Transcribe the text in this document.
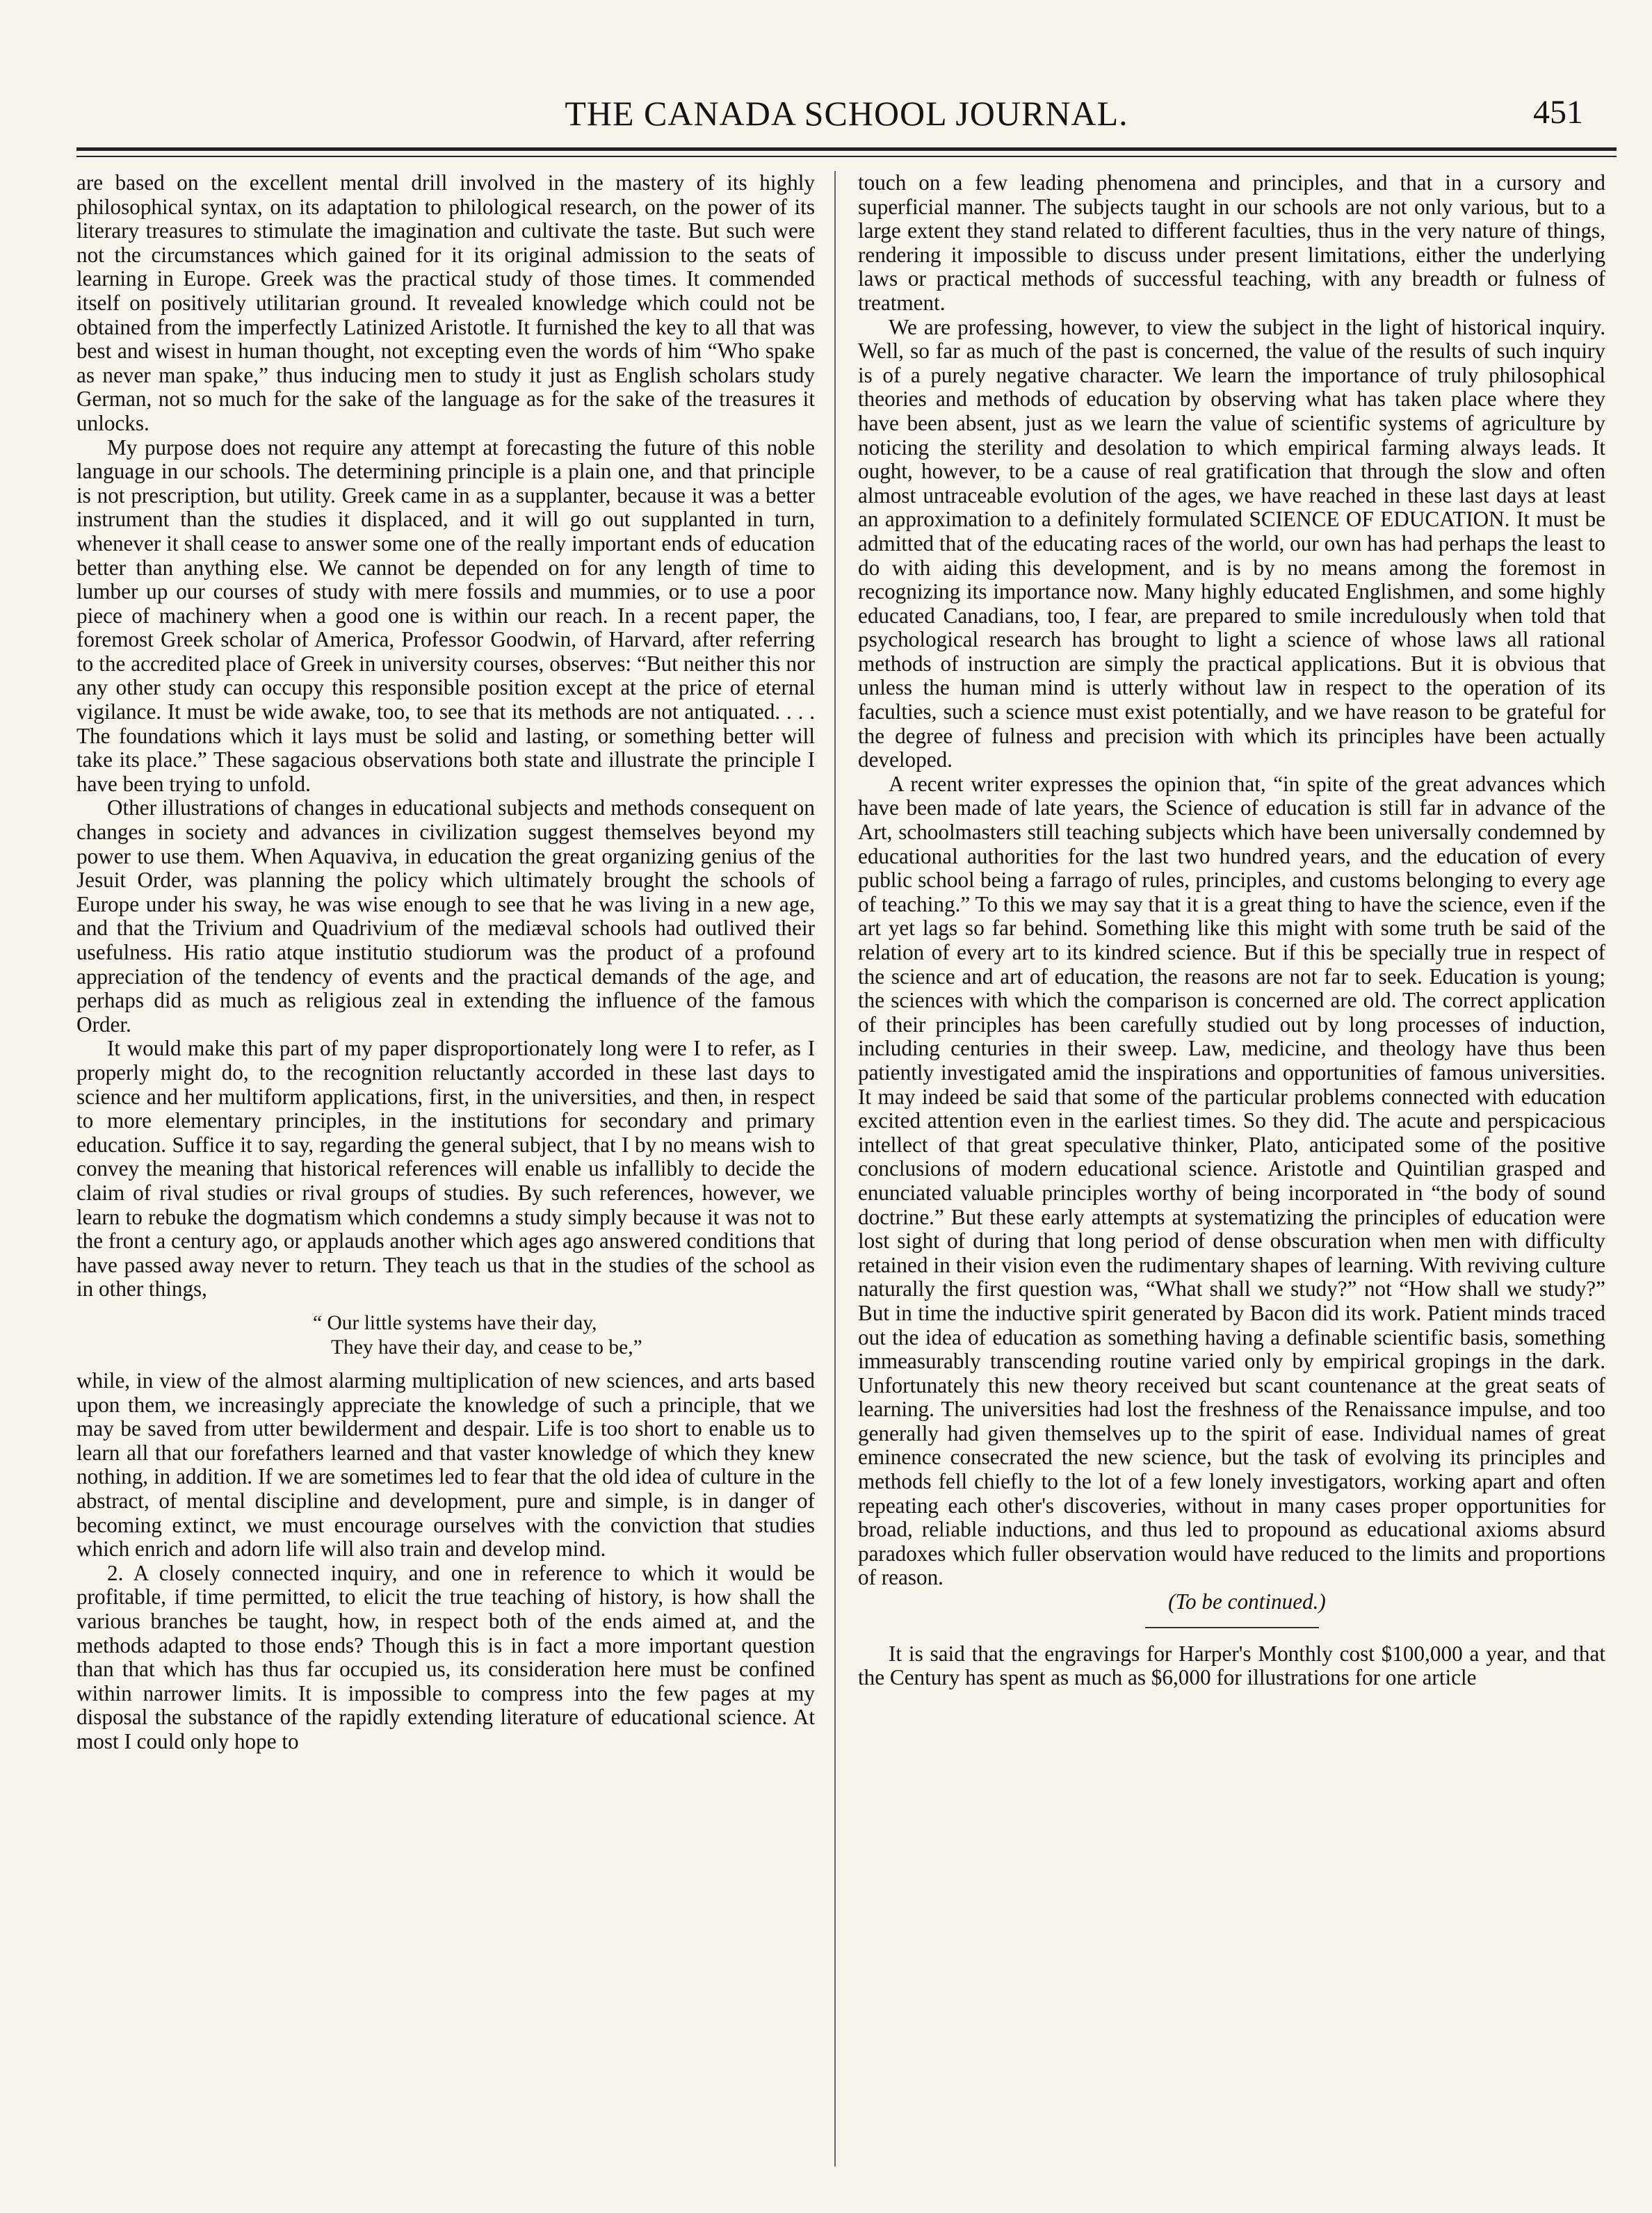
THE CANADA SCHOOL JOURNAL.	451

are based on the excellent mental drill involved in the mastery of its highly philosophical syntax, on its adaptation to philological research, on the power of its literary treasures to stimulate the imagination and cultivate the taste. But such were not the circumstances which gained for it its original admission to the seats of learning in Europe. Greek was the practical study of those times. It commended itself on positively utilitarian ground. It revealed knowledge which could not be obtained from the imperfectly Latinized Aristotle. It furnished the key to all that was best and wisest in human thought, not excepting even the words of him “Who spake as never man spake,” thus inducing men to study it just as English scholars study German, not so much for the sake of the language as for the sake of the treasures it unlocks.

My purpose does not require any attempt at forecasting the future of this noble language in our schools. The determining principle is a plain one, and that principle is not prescription, but utility. Greek came in as a supplanter, because it was a better instrument than the studies it displaced, and it will go out supplanted in turn, whenever it shall cease to answer some one of the really important ends of education better than anything else. We cannot be depended on for any length of time to lumber up our courses of study with mere fossils and mummies, or to use a poor piece of machinery when a good one is within our reach. In a recent paper, the foremost Greek scholar of America, Professor Goodwin, of Harvard, after referring to the accredited place of Greek in university courses, observes: “But neither this nor any other study can occupy this responsible position except at the price of eternal vigilance. It must be wide awake, too, to see that its methods are not antiquated. . . . The foundations which it lays must be solid and lasting, or something better will take its place.” These sagacious observations both state and illustrate the principle I have been trying to unfold.

Other illustrations of changes in educational subjects and methods consequent on changes in society and advances in civilization suggest themselves beyond my power to use them. When Aquaviva, in education the great organizing genius of the Jesuit Order, was planning the policy which ultimately brought the schools of Europe under his sway, he was wise enough to see that he was living in a new age, and that the Trivium and Quadrivium of the mediæval schools had outlived their usefulness. His ratio atque institutio studiorum was the product of a profound appreciation of the tendency of events and the practical demands of the age, and perhaps did as much as religious zeal in extending the influence of the famous Order.

It would make this part of my paper disproportionately long were I to refer, as I properly might do, to the recognition reluctantly accorded in these last days to science and her multiform applications, first, in the universities, and then, in respect to more elementary principles, in the institutions for secondary and primary education. Suffice it to say, regarding the general subject, that I by no means wish to convey the meaning that historical references will enable us infallibly to decide the claim of rival studies or rival groups of studies. By such references, however, we learn to rebuke the dogmatism which condemns a study simply because it was not to the front a century ago, or applauds another which ages ago answered conditions that have passed away never to return. They teach us that in the studies of the school as in other things,

“ Our little systems have their day,
They have their day, and cease to be,”

while, in view of the almost alarming multiplication of new sciences, and arts based upon them, we increasingly appreciate the knowledge of such a principle, that we may be saved from utter bewilderment and despair. Life is too short to enable us to learn all that our forefathers learned and that vaster knowledge of which they knew nothing, in addition. If we are sometimes led to fear that the old idea of culture in the abstract, of mental discipline and development, pure and simple, is in danger of becoming extinct, we must encourage ourselves with the conviction that studies which enrich and adorn life will also train and develop mind.

2. A closely connected inquiry, and one in reference to which it would be profitable, if time permitted, to elicit the true teaching of history, is how shall the various branches be taught, how, in respect both of the ends aimed at, and the methods adapted to those ends? Though this is in fact a more important question than that which has thus far occupied us, its consideration here must be confined within narrower limits. It is impossible to compress into the few pages at my disposal the substance of the rapidly extending literature of educational science. At most I could only hope to

touch on a few leading phenomena and principles, and that in a cursory and superficial manner. The subjects taught in our schools are not only various, but to a large extent they stand related to different faculties, thus in the very nature of things, rendering it impossible to discuss under present limitations, either the underlying laws or practical methods of successful teaching, with any breadth or fulness of treatment.

We are professing, however, to view the subject in the light of historical inquiry. Well, so far as much of the past is concerned, the value of the results of such inquiry is of a purely negative character. We learn the importance of truly philosophical theories and methods of education by observing what has taken place where they have been absent, just as we learn the value of scientific systems of agriculture by noticing the sterility and desolation to which empirical farming always leads. It ought, however, to be a cause of real gratification that through the slow and often almost untraceable evolution of the ages, we have reached in these last days at least an approximation to a definitely formulated SCIENCE OF EDUCATION. It must be admitted that of the educating races of the world, our own has had perhaps the least to do with aiding this development, and is by no means among the foremost in recognizing its importance now. Many highly educated Englishmen, and some highly educated Canadians, too, I fear, are prepared to smile incredulously when told that psychological research has brought to light a science of whose laws all rational methods of instruction are simply the practical applications. But it is obvious that unless the human mind is utterly without law in respect to the operation of its faculties, such a science must exist potentially, and we have reason to be grateful for the degree of fulness and precision with which its principles have been actually developed.

A recent writer expresses the opinion that, “in spite of the great advances which have been made of late years, the Science of education is still far in advance of the Art, schoolmasters still teaching subjects which have been universally condemned by educational authorities for the last two hundred years, and the education of every public school being a farrago of rules, principles, and customs belonging to every age of teaching.” To this we may say that it is a great thing to have the science, even if the art yet lags so far behind. Something like this might with some truth be said of the relation of every art to its kindred science. But if this be specially true in respect of the science and art of education, the reasons are not far to seek. Education is young; the sciences with which the comparison is concerned are old. The correct application of their principles has been carefully studied out by long processes of induction, including centuries in their sweep. Law, medicine, and theology have thus been patiently investigated amid the inspirations and opportunities of famous universities. It may indeed be said that some of the particular problems connected with education excited attention even in the earliest times. So they did. The acute and perspicacious intellect of that great speculative thinker, Plato, anticipated some of the positive conclusions of modern educational science. Aristotle and Quintilian grasped and enunciated valuable principles worthy of being incorporated in “the body of sound doctrine.” But these early attempts at systematizing the principles of education were lost sight of during that long period of dense obscuration when men with difficulty retained in their vision even the rudimentary shapes of learning. With reviving culture naturally the first question was, “What shall we study?” not “How shall we study?” But in time the inductive spirit generated by Bacon did its work. Patient minds traced out the idea of education as something having a definable scientific basis, something immeasurably transcending routine varied only by empirical gropings in the dark. Unfortunately this new theory received but scant countenance at the great seats of learning. The universities had lost the freshness of the Renaissance impulse, and too generally had given themselves up to the spirit of ease. Individual names of great eminence consecrated the new science, but the task of evolving its principles and methods fell chiefly to the lot of a few lonely investigators, working apart and often repeating each other's discoveries, without in many cases proper opportunities for broad, reliable inductions, and thus led to propound as educational axioms absurd paradoxes which fuller observation would have reduced to the limits and proportions of reason.

(To be continued.)

It is said that the engravings for Harper's Monthly cost $100,000 a year, and that the Century has spent as much as $6,000 for illustrations for one article
